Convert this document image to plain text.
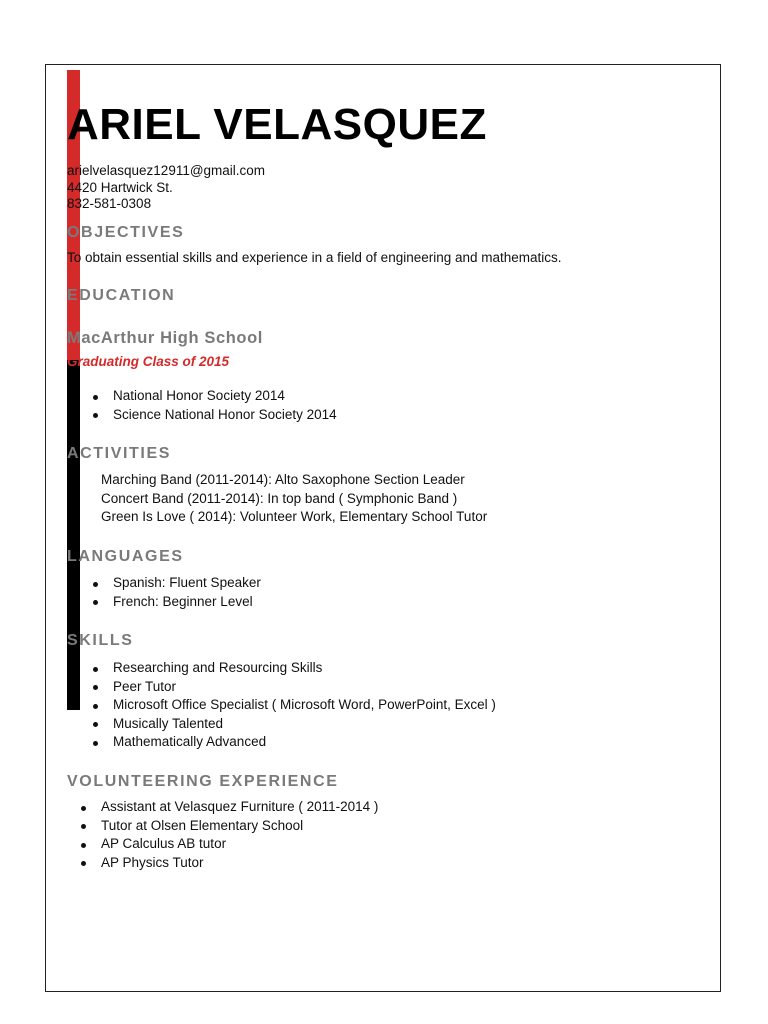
ARIEL VELASQUEZ
arielvelasquez12911@gmail.com
4420 Hartwick St.
832-581-0308
OBJECTIVES
To obtain essential skills and experience in a field of engineering and mathematics.
EDUCATION
MacArthur High School
Graduating Class of 2015
National Honor Society 2014
Science National Honor Society 2014
ACTIVITIES
Marching Band (2011-2014): Alto Saxophone Section Leader
Concert Band (2011-2014): In top band ( Symphonic Band )
Green Is Love ( 2014): Volunteer Work, Elementary School Tutor
LANGUAGES
Spanish: Fluent Speaker
French: Beginner Level
SKILLS
Researching and Resourcing Skills
Peer Tutor
Microsoft Office Specialist ( Microsoft Word, PowerPoint, Excel )
Musically Talented
Mathematically Advanced
VOLUNTEERING EXPERIENCE
Assistant at Velasquez Furniture ( 2011-2014 )
Tutor at Olsen Elementary School
AP Calculus AB tutor
AP Physics Tutor
